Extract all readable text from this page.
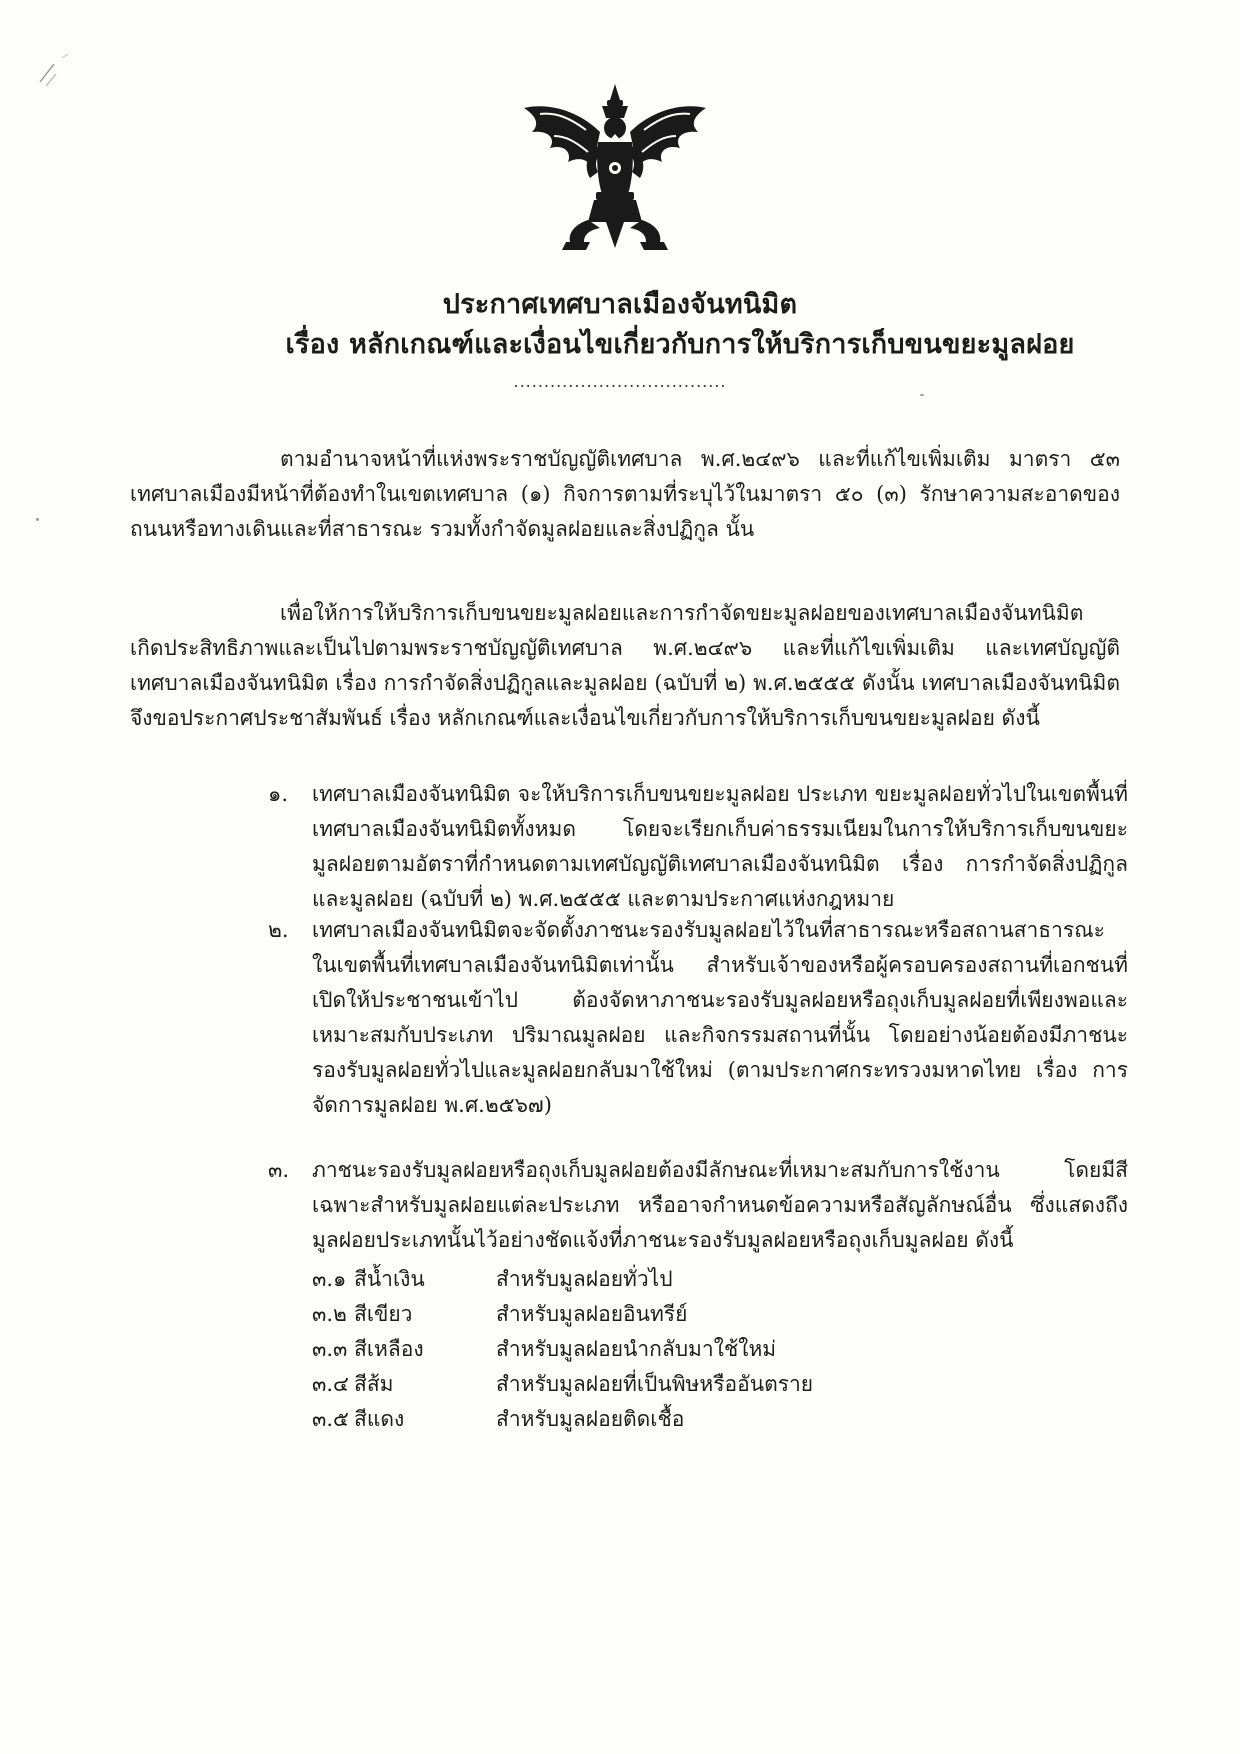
ประกาศเทศบาลเมืองจันทนิมิต
เรื่อง หลักเกณฑ์และเงื่อนไขเกี่ยวกับการให้บริการเก็บขนขยะมูลฝอย
...................................
ตามอำนาจหน้าที่แห่งพระราชบัญญัติเทศบาล พ.ศ.๒๔๙๖ และที่แก้ไขเพิ่มเติม มาตรา ๕๓ เทศบาลเมืองมีหน้าที่ต้องทำในเขตเทศบาล (๑) กิจการตามที่ระบุไว้ในมาตรา ๕๐ (๓) รักษาความสะอาดของถนนหรือทางเดินและที่สาธารณะ รวมทั้งกำจัดมูลฝอยและสิ่งปฏิกูล นั้น
เพื่อให้การให้บริการเก็บขนขยะมูลฝอยและการกำจัดขยะมูลฝอยของเทศบาลเมืองจันทนิมิต เกิดประสิทธิภาพและเป็นไปตามพระราชบัญญัติเทศบาล พ.ศ.๒๔๙๖ และที่แก้ไขเพิ่มเติม และเทศบัญญัติเทศบาลเมืองจันทนิมิต เรื่อง การกำจัดสิ่งปฏิกูลและมูลฝอย (ฉบับที่ ๒) พ.ศ.๒๕๕๕ ดังนั้น เทศบาลเมืองจันทนิมิต จึงขอประกาศประชาสัมพันธ์ เรื่อง หลักเกณฑ์และเงื่อนไขเกี่ยวกับการให้บริการเก็บขนขยะมูลฝอย ดังนี้
๑. เทศบาลเมืองจันทนิมิต จะให้บริการเก็บขนขยะมูลฝอย ประเภท ขยะมูลฝอยทั่วไปในเขตพื้นที่เทศบาลเมืองจันทนิมิตทั้งหมด โดยจะเรียกเก็บค่าธรรมเนียมในการให้บริการเก็บขนขยะมูลฝอยตามอัตราที่กำหนดตามเทศบัญญัติเทศบาลเมืองจันทนิมิต เรื่อง การกำจัดสิ่งปฏิกูลและมูลฝอย (ฉบับที่ ๒) พ.ศ.๒๕๕๕ และตามประกาศแห่งกฎหมาย
๒. เทศบาลเมืองจันทนิมิตจะจัดตั้งภาชนะรองรับมูลฝอยไว้ในที่สาธารณะหรือสถานสาธารณะในเขตพื้นที่เทศบาลเมืองจันทนิมิตเท่านั้น สำหรับเจ้าของหรือผู้ครอบครองสถานที่เอกชนที่เปิดให้ประชาชนเข้าไป ต้องจัดหาภาชนะรองรับมูลฝอยหรือถุงเก็บมูลฝอยที่เพียงพอและเหมาะสมกับประเภท ปริมาณมูลฝอย และกิจกรรมสถานที่นั้น โดยอย่างน้อยต้องมีภาชนะรองรับมูลฝอยทั่วไปและมูลฝอยกลับมาใช้ใหม่ (ตามประกาศกระทรวงมหาดไทย เรื่อง การจัดการมูลฝอย พ.ศ.๒๕๖๗)
๓. ภาชนะรองรับมูลฝอยหรือถุงเก็บมูลฝอยต้องมีลักษณะที่เหมาะสมกับการใช้งาน โดยมีสีเฉพาะสำหรับมูลฝอยแต่ละประเภท หรืออาจกำหนดข้อความหรือสัญลักษณ์อื่น ซึ่งแสดงถึงมูลฝอยประเภทนั้นไว้อย่างชัดแจ้งที่ภาชนะรองรับมูลฝอยหรือถุงเก็บมูลฝอย ดังนี้
๓.๑ สีน้ำเงิน	สำหรับมูลฝอยทั่วไป
๓.๒ สีเขียว	สำหรับมูลฝอยอินทรีย์
๓.๓ สีเหลือง	สำหรับมูลฝอยนำกลับมาใช้ใหม่
๓.๔ สีส้ม	สำหรับมูลฝอยที่เป็นพิษหรืออันตราย
๓.๕ สีแดง	สำหรับมูลฝอยติดเชื้อ
